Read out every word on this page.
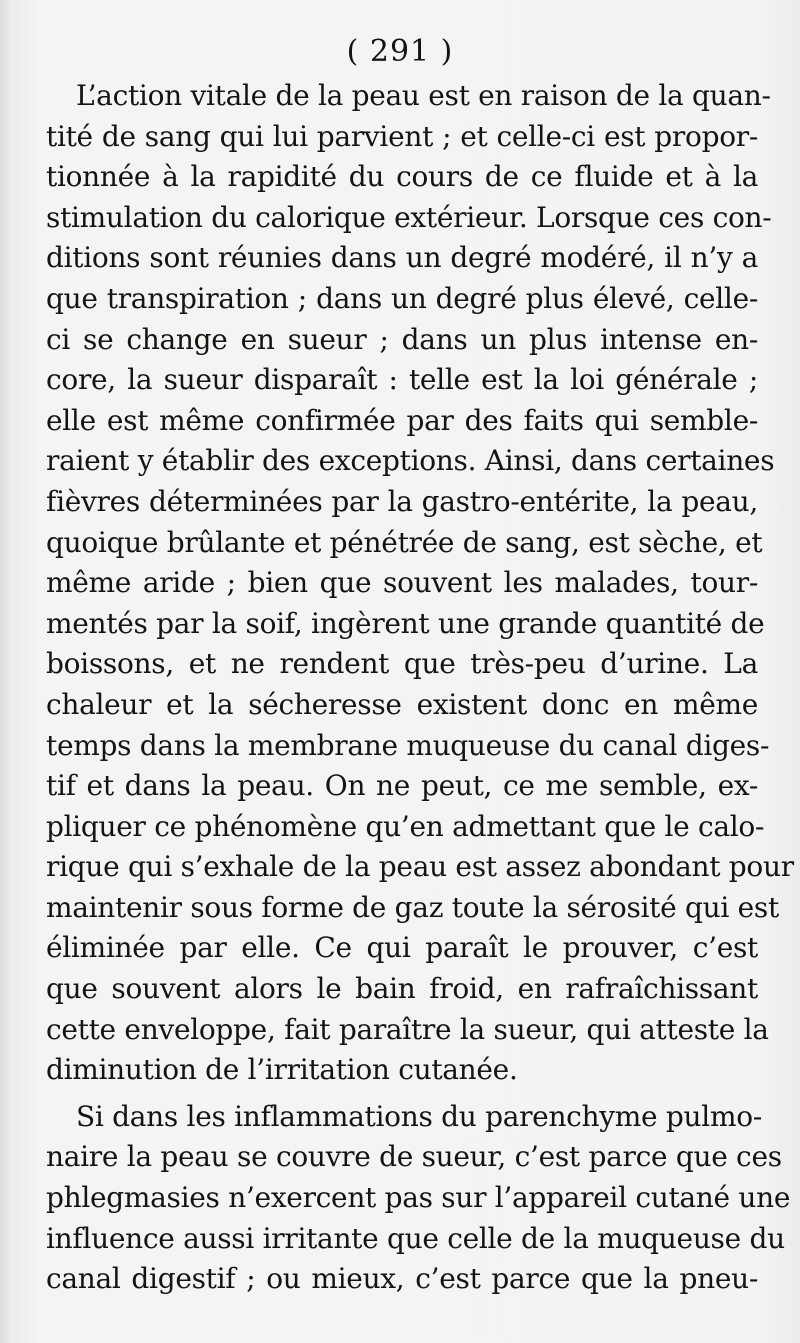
( 291 )
L’action vitale de la peau est en raison de la quan-
tité de sang qui lui parvient ; et celle-ci est propor-
tionnée à la rapidité du cours de ce fluide et à la
stimulation du calorique extérieur. Lorsque ces con-
ditions sont réunies dans un degré modéré, il n’y a
que transpiration ; dans un degré plus élevé, celle-
ci se change en sueur ; dans un plus intense en-
core, la sueur disparaît : telle est la loi générale ;
elle est même confirmée par des faits qui semble-
raient y établir des exceptions. Ainsi, dans certaines
fièvres déterminées par la gastro-entérite, la peau,
quoique brûlante et pénétrée de sang, est sèche, et
même aride ; bien que souvent les malades, tour-
mentés par la soif, ingèrent une grande quantité de
boissons, et ne rendent que très-peu d’urine. La
chaleur et la sécheresse existent donc en même
temps dans la membrane muqueuse du canal diges-
tif et dans la peau. On ne peut, ce me semble, ex-
pliquer ce phénomène qu’en admettant que le calo-
rique qui s’exhale de la peau est assez abondant pour
maintenir sous forme de gaz toute la sérosité qui est
éliminée par elle. Ce qui paraît le prouver, c’est
que souvent alors le bain froid, en rafraîchissant
cette enveloppe, fait paraître la sueur, qui atteste la
diminution de l’irritation cutanée.
Si dans les inflammations du parenchyme pulmo-
naire la peau se couvre de sueur, c’est parce que ces
phlegmasies n’exercent pas sur l’appareil cutané une
influence aussi irritante que celle de la muqueuse du
canal digestif ; ou mieux, c’est parce que la pneu-
